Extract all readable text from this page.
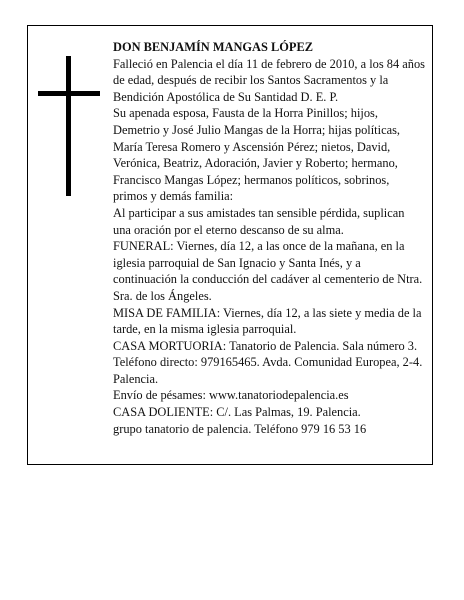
DON BENJAMÍN MANGAS LÓPEZ

Falleció en Palencia el día 11 de febrero de 2010, a los 84 años de edad, después de recibir los Santos Sacramentos y la Bendición Apostólica de Su Santidad D. E. P.

Su apenada esposa, Fausta de la Horra Pinillos; hijos, Demetrio y José Julio Mangas de la Horra; hijas políticas, María Teresa Romero y Ascensión Pérez; nietos, David, Verónica, Beatriz, Adoración, Javier y Roberto; hermano, Francisco Mangas López; hermanos políticos, sobrinos, primos y demás familia:

Al participar a sus amistades tan sensible pérdida, suplican una oración por el eterno descanso de su alma.

FUNERAL: Viernes, día 12, a las once de la mañana, en la iglesia parroquial de San Ignacio y Santa Inés, y a continuación la conducción del cadáver al cementerio de Ntra. Sra. de los Ángeles.

MISA DE FAMILIA: Viernes, día 12, a las siete y media de la tarde, en la misma iglesia parroquial.

CASA MORTUORIA: Tanatorio de Palencia. Sala número 3. Teléfono directo: 979165465. Avda. Comunidad Europea, 2-4. Palencia.

Envío de pésames: www.tanatoriodepalencia.es

CASA DOLIENTE: C/. Las Palmas, 19. Palencia.

grupo tanatorio de palencia. Teléfono 979 16 53 16
